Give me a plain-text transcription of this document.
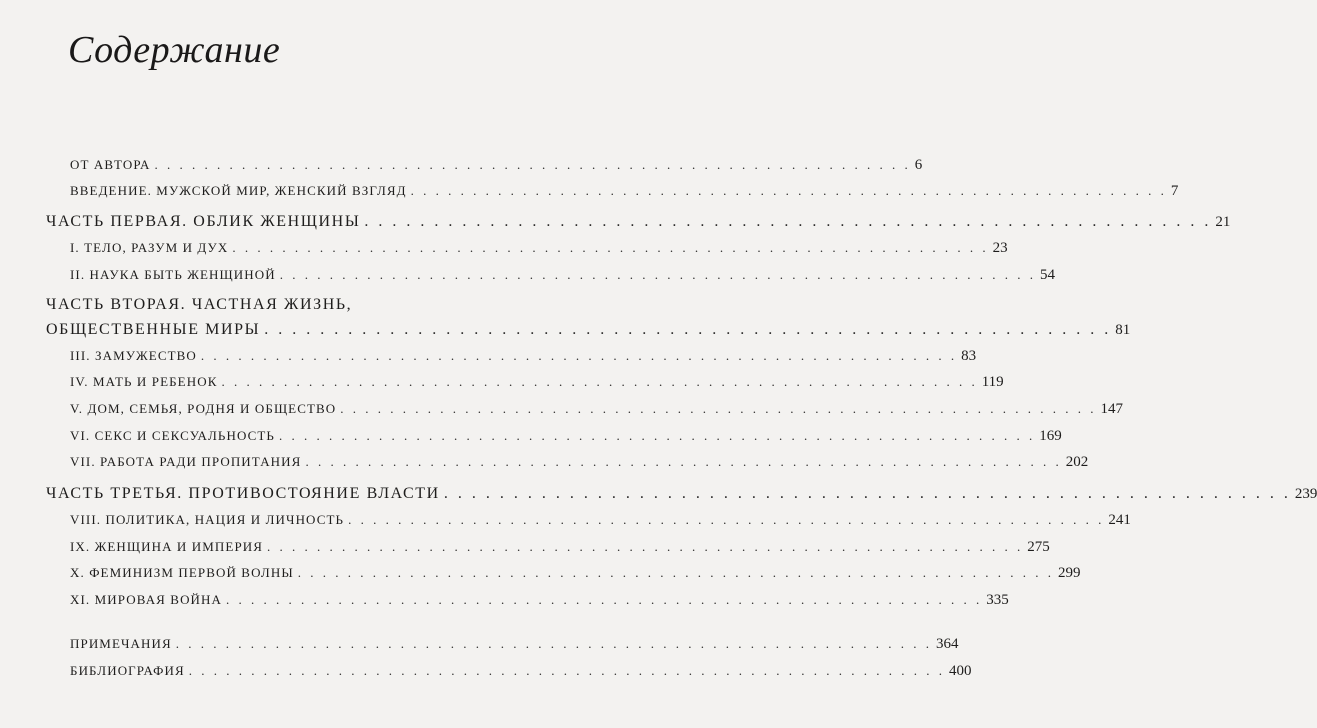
Содержание
ОТ АВТОРА . . . . . . . . . . . . . . . . . . . . . . . . . . . . . . . . . . . . . . . . . . . . . . . . . . . . . . . . . . . . . 6
ВВЕДЕНИЕ. МУЖСКОЙ МИР, ЖЕНСКИЙ ВЗГЛЯД . . . . . . . . . . . . . . . . . . . . . . . . . . . . . . . . . . . . . . . . . . . . . . . . . . . . . . . . . . . . . 7
ЧАСТЬ ПЕРВАЯ. ОБЛИК ЖЕНЩИНЫ . . . . . . . . . . . . . . . . . . . . . . . . . . . . . . . . . . . . . . . . . . . . . . . . . . . . . . . . . . . . . 21
I. ТЕЛО, РАЗУМ И ДУХ . . . . . . . . . . . . . . . . . . . . . . . . . . . . . . . . . . . . . . . . . . . . . . . . . . . . . . . . . . . . . 23
II. НАУКА БЫТЬ ЖЕНЩИНОЙ . . . . . . . . . . . . . . . . . . . . . . . . . . . . . . . . . . . . . . . . . . . . . . . . . . . . . . . . . . . . . 54
ЧАСТЬ ВТОРАЯ. ЧАСТНАЯ ЖИЗНЬ,
ОБЩЕСТВЕННЫЕ МИРЫ . . . . . . . . . . . . . . . . . . . . . . . . . . . . . . . . . . . . . . . . . . . . . . . . . . . . . . . . . . . . . 81
III. ЗАМУЖЕСТВО . . . . . . . . . . . . . . . . . . . . . . . . . . . . . . . . . . . . . . . . . . . . . . . . . . . . . . . . . . . . . 83
IV. МАТЬ И РЕБЕНОК . . . . . . . . . . . . . . . . . . . . . . . . . . . . . . . . . . . . . . . . . . . . . . . . . . . . . . . . . . . . . 119
V. ДОМ, СЕМЬЯ, РОДНЯ И ОБЩЕСТВО . . . . . . . . . . . . . . . . . . . . . . . . . . . . . . . . . . . . . . . . . . . . . . . . . . . . . . . . . . . . . 147
VI. СЕКС И СЕКСУАЛЬНОСТЬ . . . . . . . . . . . . . . . . . . . . . . . . . . . . . . . . . . . . . . . . . . . . . . . . . . . . . . . . . . . . . 169
VII. РАБОТА РАДИ ПРОПИТАНИЯ . . . . . . . . . . . . . . . . . . . . . . . . . . . . . . . . . . . . . . . . . . . . . . . . . . . . . . . . . . . . . 202
ЧАСТЬ ТРЕТЬЯ. ПРОТИВОСТОЯНИЕ ВЛАСТИ . . . . . . . . . . . . . . . . . . . . . . . . . . . . . . . . . . . . . . . . . . . . . . . . . . . . . . . . . . . . . 239
VIII. ПОЛИТИКА, НАЦИЯ И ЛИЧНОСТЬ . . . . . . . . . . . . . . . . . . . . . . . . . . . . . . . . . . . . . . . . . . . . . . . . . . . . . . . . . . . . . 241
IX. ЖЕНЩИНА И ИМПЕРИЯ . . . . . . . . . . . . . . . . . . . . . . . . . . . . . . . . . . . . . . . . . . . . . . . . . . . . . . . . . . . . . 275
X. ФЕМИНИЗМ ПЕРВОЙ ВОЛНЫ . . . . . . . . . . . . . . . . . . . . . . . . . . . . . . . . . . . . . . . . . . . . . . . . . . . . . . . . . . . . . 299
XI. МИРОВАЯ ВОЙНА . . . . . . . . . . . . . . . . . . . . . . . . . . . . . . . . . . . . . . . . . . . . . . . . . . . . . . . . . . . . . 335
ПРИМЕЧАНИЯ . . . . . . . . . . . . . . . . . . . . . . . . . . . . . . . . . . . . . . . . . . . . . . . . . . . . . . . . . . . . . 364
БИБЛИОГРАФИЯ . . . . . . . . . . . . . . . . . . . . . . . . . . . . . . . . . . . . . . . . . . . . . . . . . . . . . . . . . . . . . 400
